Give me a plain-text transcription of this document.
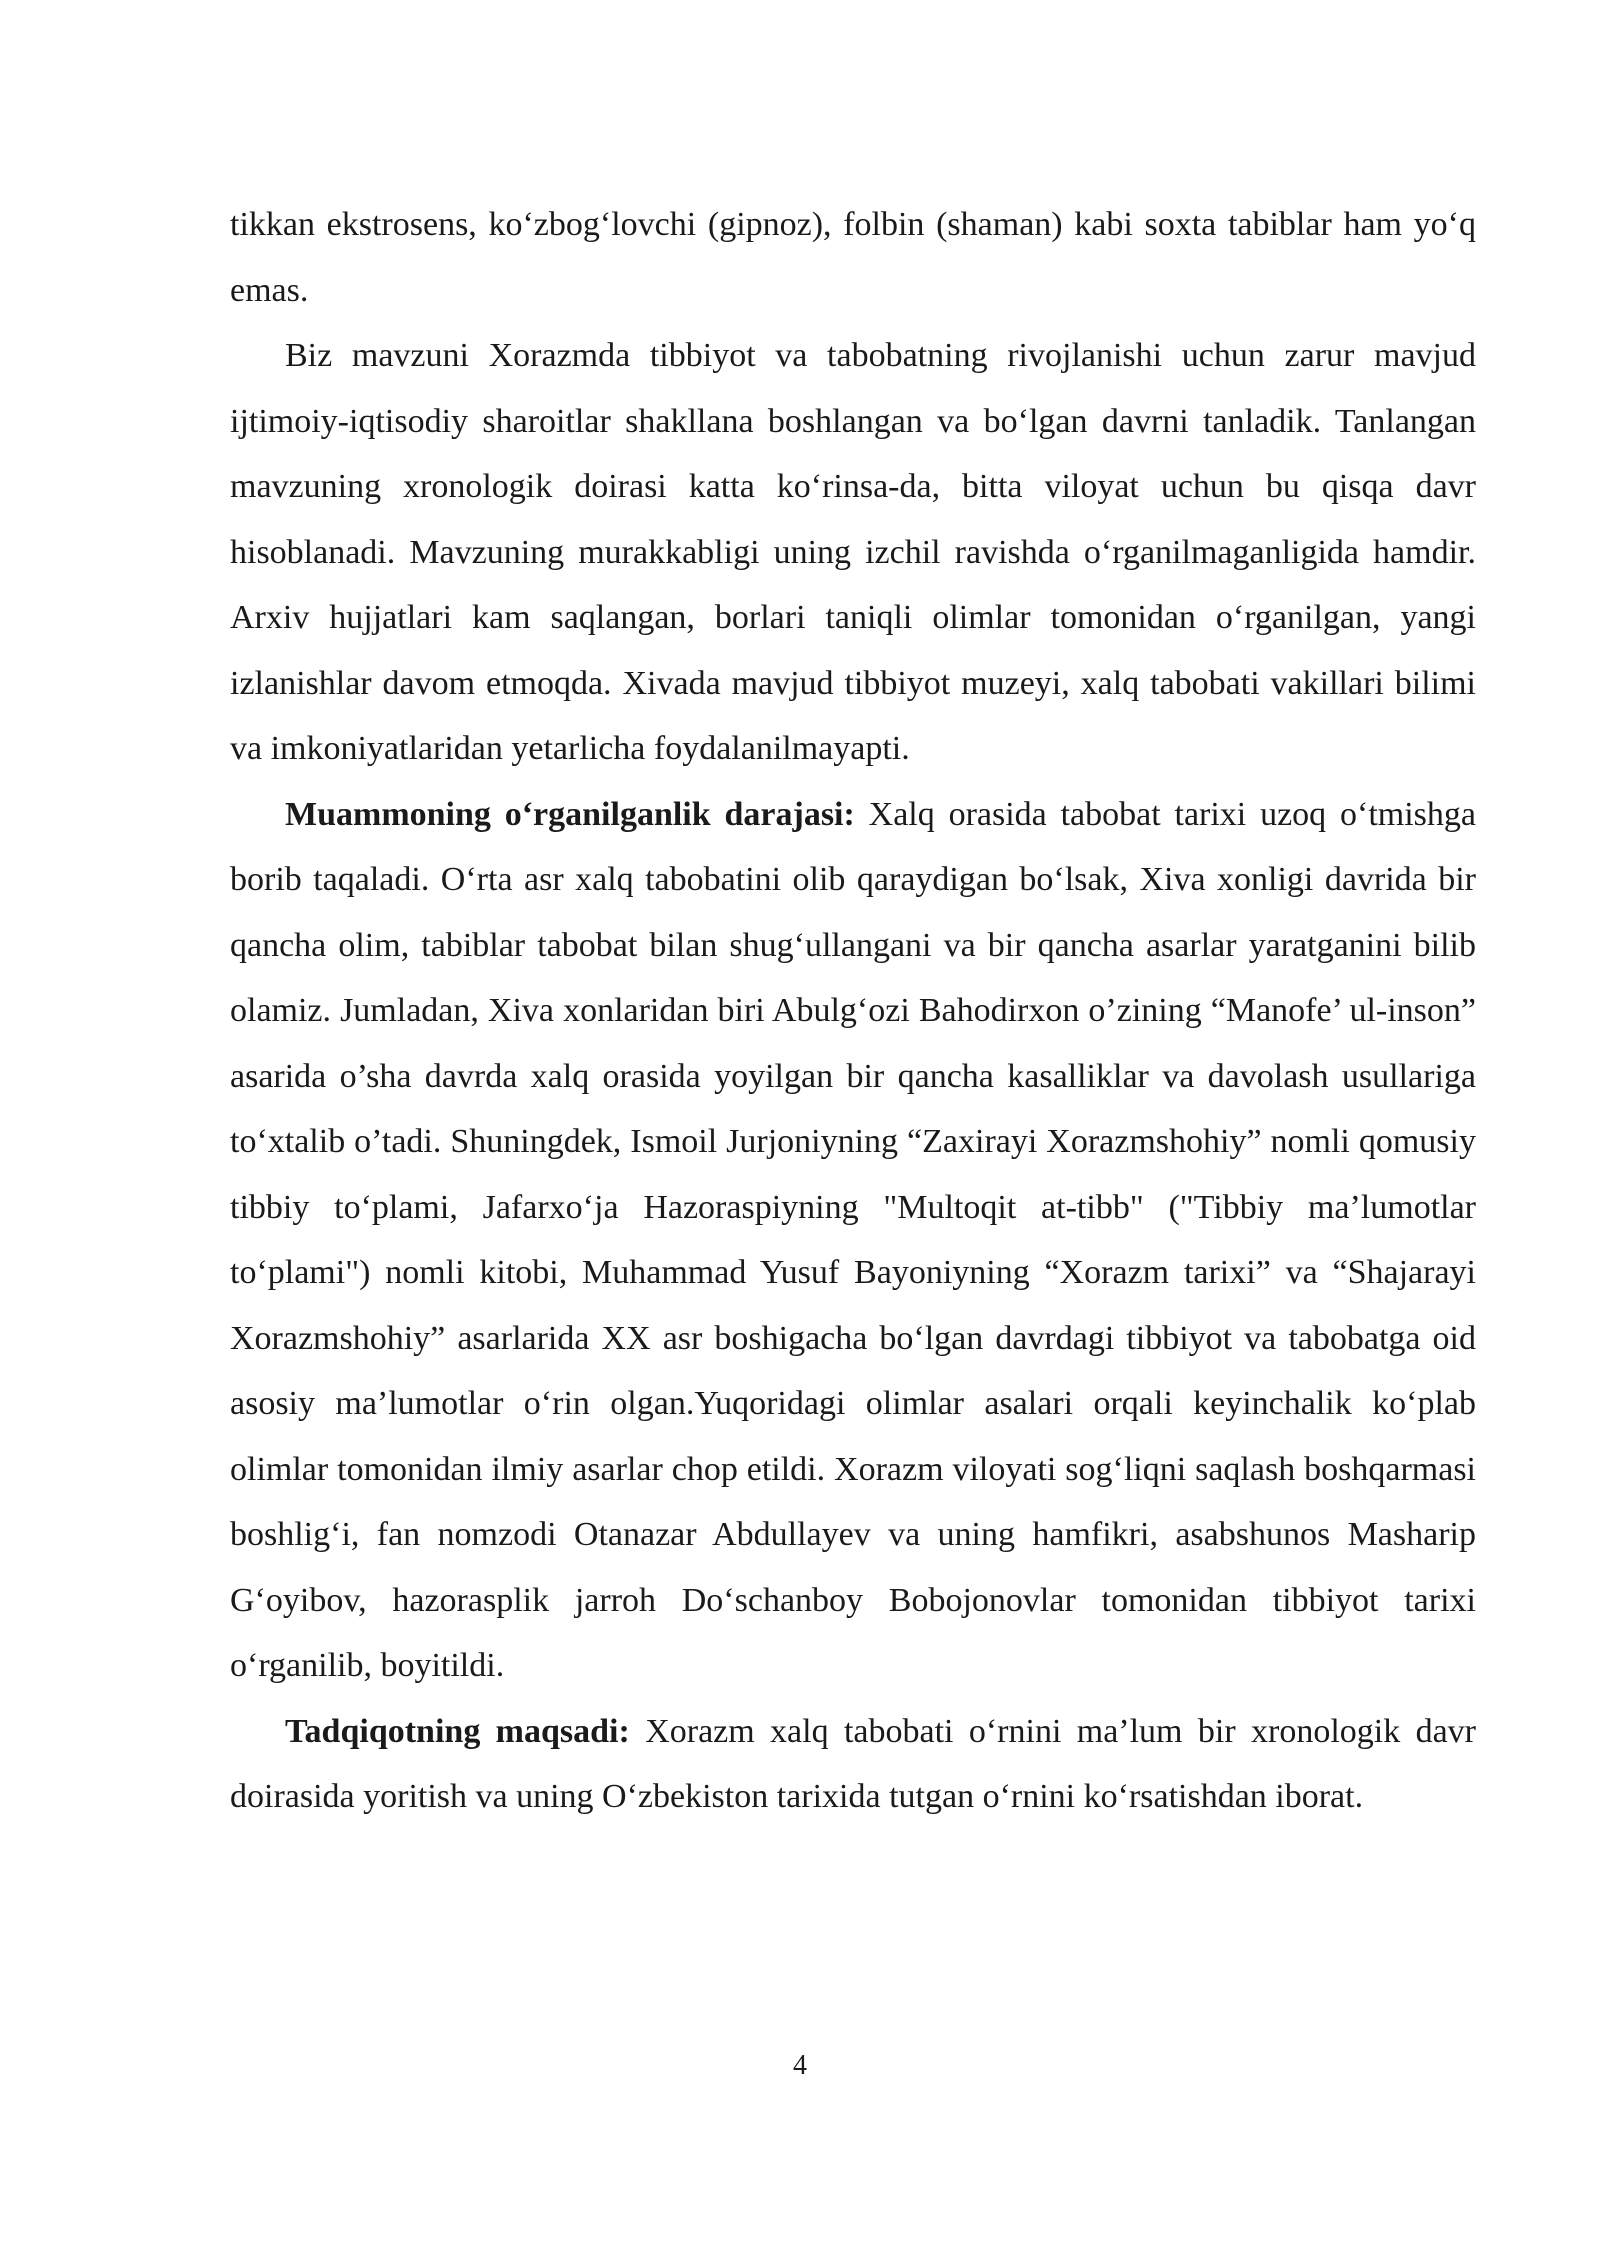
tikkan ekstrosens, ko‘zbog‘lovchi (gipnoz), folbin (shaman) kabi soxta tabiblar ham yo‘q emas.

Biz mavzuni Xorazmda tibbiyot va tabobatning rivojlanishi uchun zarur mavjud ijtimoiy-iqtisodiy sharoitlar shakllana boshlangan va bo‘lgan davrni tanladik. Tanlangan mavzuning xronologik doirasi katta ko‘rinsa-da, bitta viloyat uchun bu qisqa davr hisoblanadi. Mavzuning murakkabligi uning izchil ravishda o‘rganilmaganligida hamdir. Arxiv hujjatlari kam saqlangan, borlari taniqli olimlar tomonidan o‘rganilgan, yangi izlanishlar davom etmoqda. Xivada mavjud tibbiyot muzeyi, xalq tabobati vakillari bilimi va imkoniyatlaridan yetarlicha foydalanilmayapti.

Muammoning o‘rganilganlik darajasi: Xalq orasida tabobat tarixi uzoq o‘tmishga borib taqaladi. O‘rta asr xalq tabobatini olib qaraydigan bo‘lsak, Xiva xonligi davrida bir qancha olim, tabiblar tabobat bilan shug‘ullangani va bir qancha asarlar yaratganini bilib olamiz. Jumladan, Xiva xonlaridan biri Abulg‘ozi Bahodirxon o’zining “Manofe’ ul-inson” asarida o’sha davrda xalq orasida yoyilgan bir qancha kasalliklar va davolash usullariga to‘xtalib o’tadi. Shuningdek, Ismoil Jurjoniyning “Zaxirayi Xorazmshohiy” nomli qomusiy tibbiy to‘plami, Jafarxo‘ja Hazoraspiyning "Multoqit at-tibb" ("Tibbiy ma’lumotlar to‘plami") nomli kitobi, Muhammad Yusuf Bayoniyning “Xorazm tarixi” va “Shajarayi Xorazmshohiy” asarlarida XX asr boshigacha bo‘lgan davrdagi tibbiyot va tabobatga oid asosiy ma’lumotlar o‘rin olgan.Yuqoridagi olimlar asalari orqali keyinchalik ko‘plab olimlar tomonidan ilmiy asarlar chop etildi. Xorazm viloyati sog‘liqni saqlash boshqarmasi boshlig‘i, fan nomzodi Otanazar Abdullayev va uning hamfikri, asabshunos Masharip G‘oyibov, hazorasplik jarroh Do‘schanboy Bobojonovlar tomonidan tibbiyot tarixi o‘rganilib, boyitildi.

Tadqiqotning maqsadi: Xorazm xalq tabobati o‘rnini ma’lum bir xronologik davr doirasida yoritish va uning O‘zbekiston tarixida tutgan o‘rnini ko‘rsatishdan iborat.

4
